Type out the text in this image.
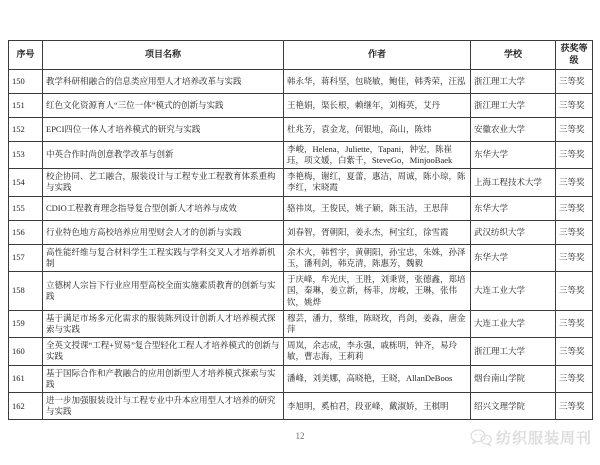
序号	项目名称	作者	学校	获奖等级
150	教学科研相融合的信息类应用型人才培养改革与实践	韩永华，蒋科坚，包晓敏，鲍佳，韩秀荣，汪泓	浙江理工大学	三等奖
151	红色文化资源育人“三位一体”模式的创新与实践	王艳娟，渠长根，赖继年，刘梅英，艾丹	浙江理工大学	三等奖
152	EPCI四位一体人才培养模式的研究与实践	杜兆芳，袁金龙，何银地，高山，陈炜	安徽农业大学	三等奖
153	中英合作时尚创意教学改革与创新	李峻，Helena，Juliette，Tapani，钟宏，陈崔珏，项文媛，白紫千，SteveGo，MinjooBaek	东华大学	三等奖
154	校企协同、艺工融合，服装设计与工程专业工程教育体系重构与实践	李艳梅，谢红，夏蕾，惠洁，周诚，陈小琼，陈李红，宋晓霞	上海工程技术大学	三等奖
155	CDIO工程教育理念指导复合型创新人才培养与成效	骆祎岚，王俊民，姚子颖，陈玉洁，王思萍	东华大学	三等奖
156	行业特色地方高校培养应用型财会人才的创新与实践	刘春智，胥朝阳，姜永杰，柯宝红，徐雪霞	武汉纺织大学	三等奖
157	高性能纤维与复合材料学生工程实践与学科交叉人才培养新机制	余木火，韩哲宇，黄朝阳，孙宝忠，朱姝，孙泽玉，潘利剑，韩克清，陈惠芳，魏毅	东华大学	三等奖
158	立德树人宗旨下行业应用型高校全面实施素质教育的创新与实践	于庆峰，牟光庆，王胜，刘秉贤，张德鑫，郑培国，秦琳，姜立新，杨菲，房峻，王琳，张伟钦，姚烨	大连工业大学	三等奖
159	基于满足市场多元化需求的服装陈列设计创新人才培养模式探索与实践	穆芸，潘力，蔡维，陈晓玫，肖剑，姜淼，唐金萍	大连工业大学	三等奖
160	全英文授课“工程+贸易”复合型轻化工程人才培养模式的创新与实践	周岚，余志成，李永强，戚栋明，钟齐，易玲敏，曹志海，王莉莉	浙江理工大学	三等奖
161	基于国际合作和产教融合的应用创新型人才培养模式探索与实践	潘峰，刘美娜，高晓艳，王晓，AllanDeBoos	烟台南山学院	三等奖
162	进一步加强服装设计与工程专业中升本应用型人才培养的研究与实践	李旭明，奚柏君，段亚峰，戴淑娇，王棋明	绍兴文理学院	三等奖
12	纺织服装周刊
